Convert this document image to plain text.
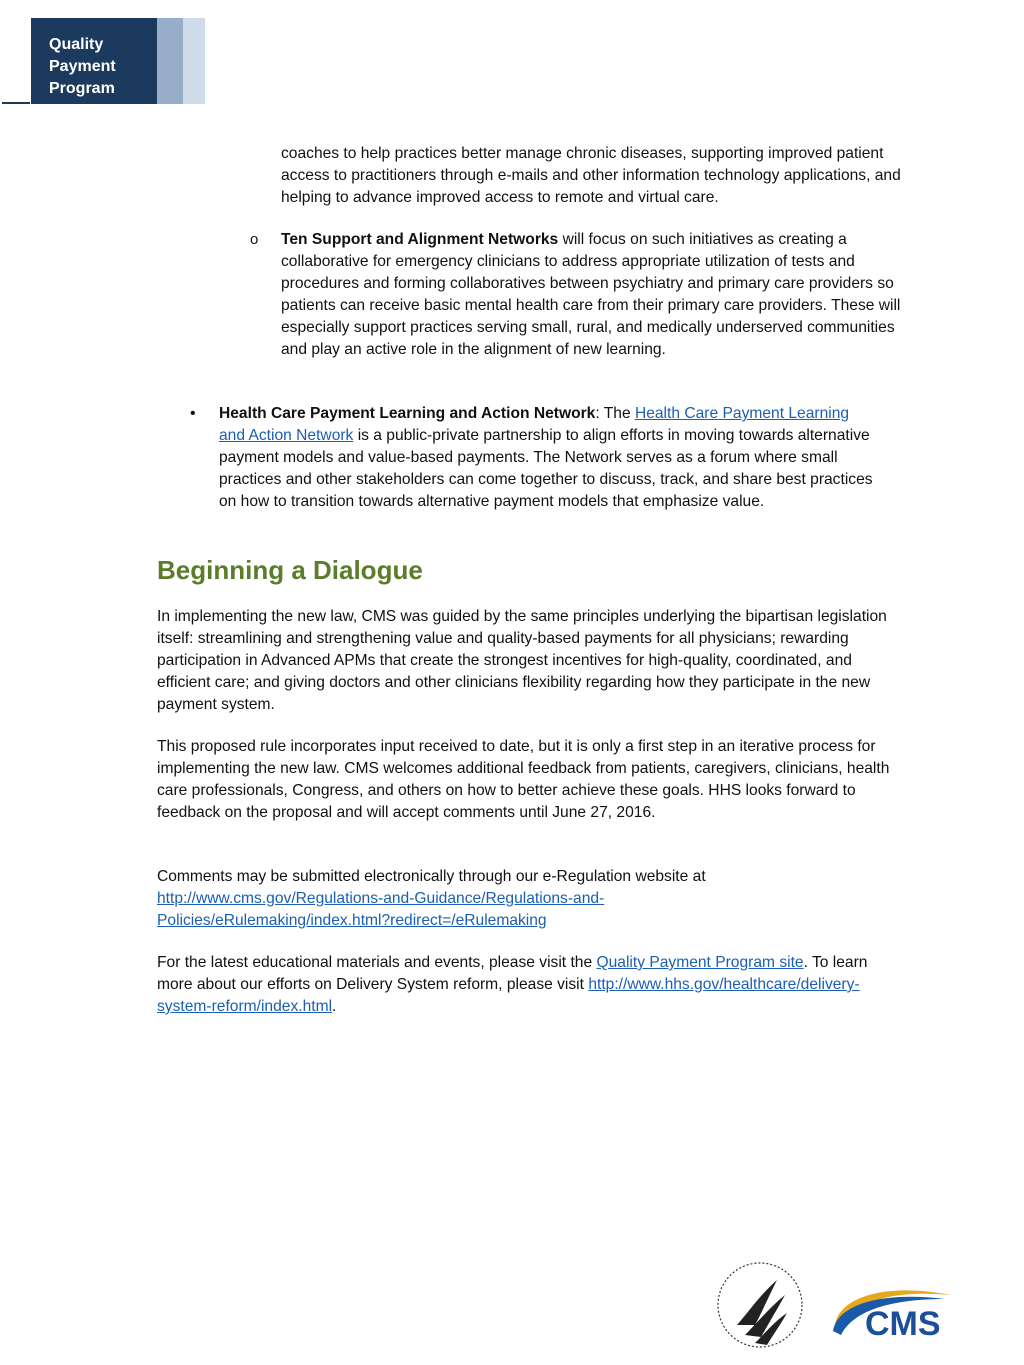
Quality
Payment
Program
coaches to help practices better manage chronic diseases, supporting improved patient access to practitioners through e-mails and other information technology applications, and helping to advance improved access to remote and virtual care.
o Ten Support and Alignment Networks will focus on such initiatives as creating a collaborative for emergency clinicians to address appropriate utilization of tests and procedures and forming collaboratives between psychiatry and primary care providers so patients can receive basic mental health care from their primary care providers. These will especially support practices serving small, rural, and medically underserved communities and play an active role in the alignment of new learning.
• Health Care Payment Learning and Action Network: The Health Care Payment Learning and Action Network is a public-private partnership to align efforts in moving towards alternative payment models and value-based payments. The Network serves as a forum where small practices and other stakeholders can come together to discuss, track, and share best practices on how to transition towards alternative payment models that emphasize value.
Beginning a Dialogue
In implementing the new law, CMS was guided by the same principles underlying the bipartisan legislation itself: streamlining and strengthening value and quality-based payments for all physicians; rewarding participation in Advanced APMs that create the strongest incentives for high-quality, coordinated, and efficient care; and giving doctors and other clinicians flexibility regarding how they participate in the new payment system.
This proposed rule incorporates input received to date, but it is only a first step in an iterative process for implementing the new law. CMS welcomes additional feedback from patients, caregivers, clinicians, health care professionals, Congress, and others on how to better achieve these goals. HHS looks forward to feedback on the proposal and will accept comments until June 27, 2016.
Comments may be submitted electronically through our e-Regulation website at
http://www.cms.gov/Regulations-and-Guidance/Regulations-and-
Policies/eRulemaking/index.html?redirect=/eRulemaking
For the latest educational materials and events, please visit the Quality Payment Program site. To learn more about our efforts on Delivery System reform, please visit http://www.hhs.gov/healthcare/delivery-system-reform/index.html.
CMS
